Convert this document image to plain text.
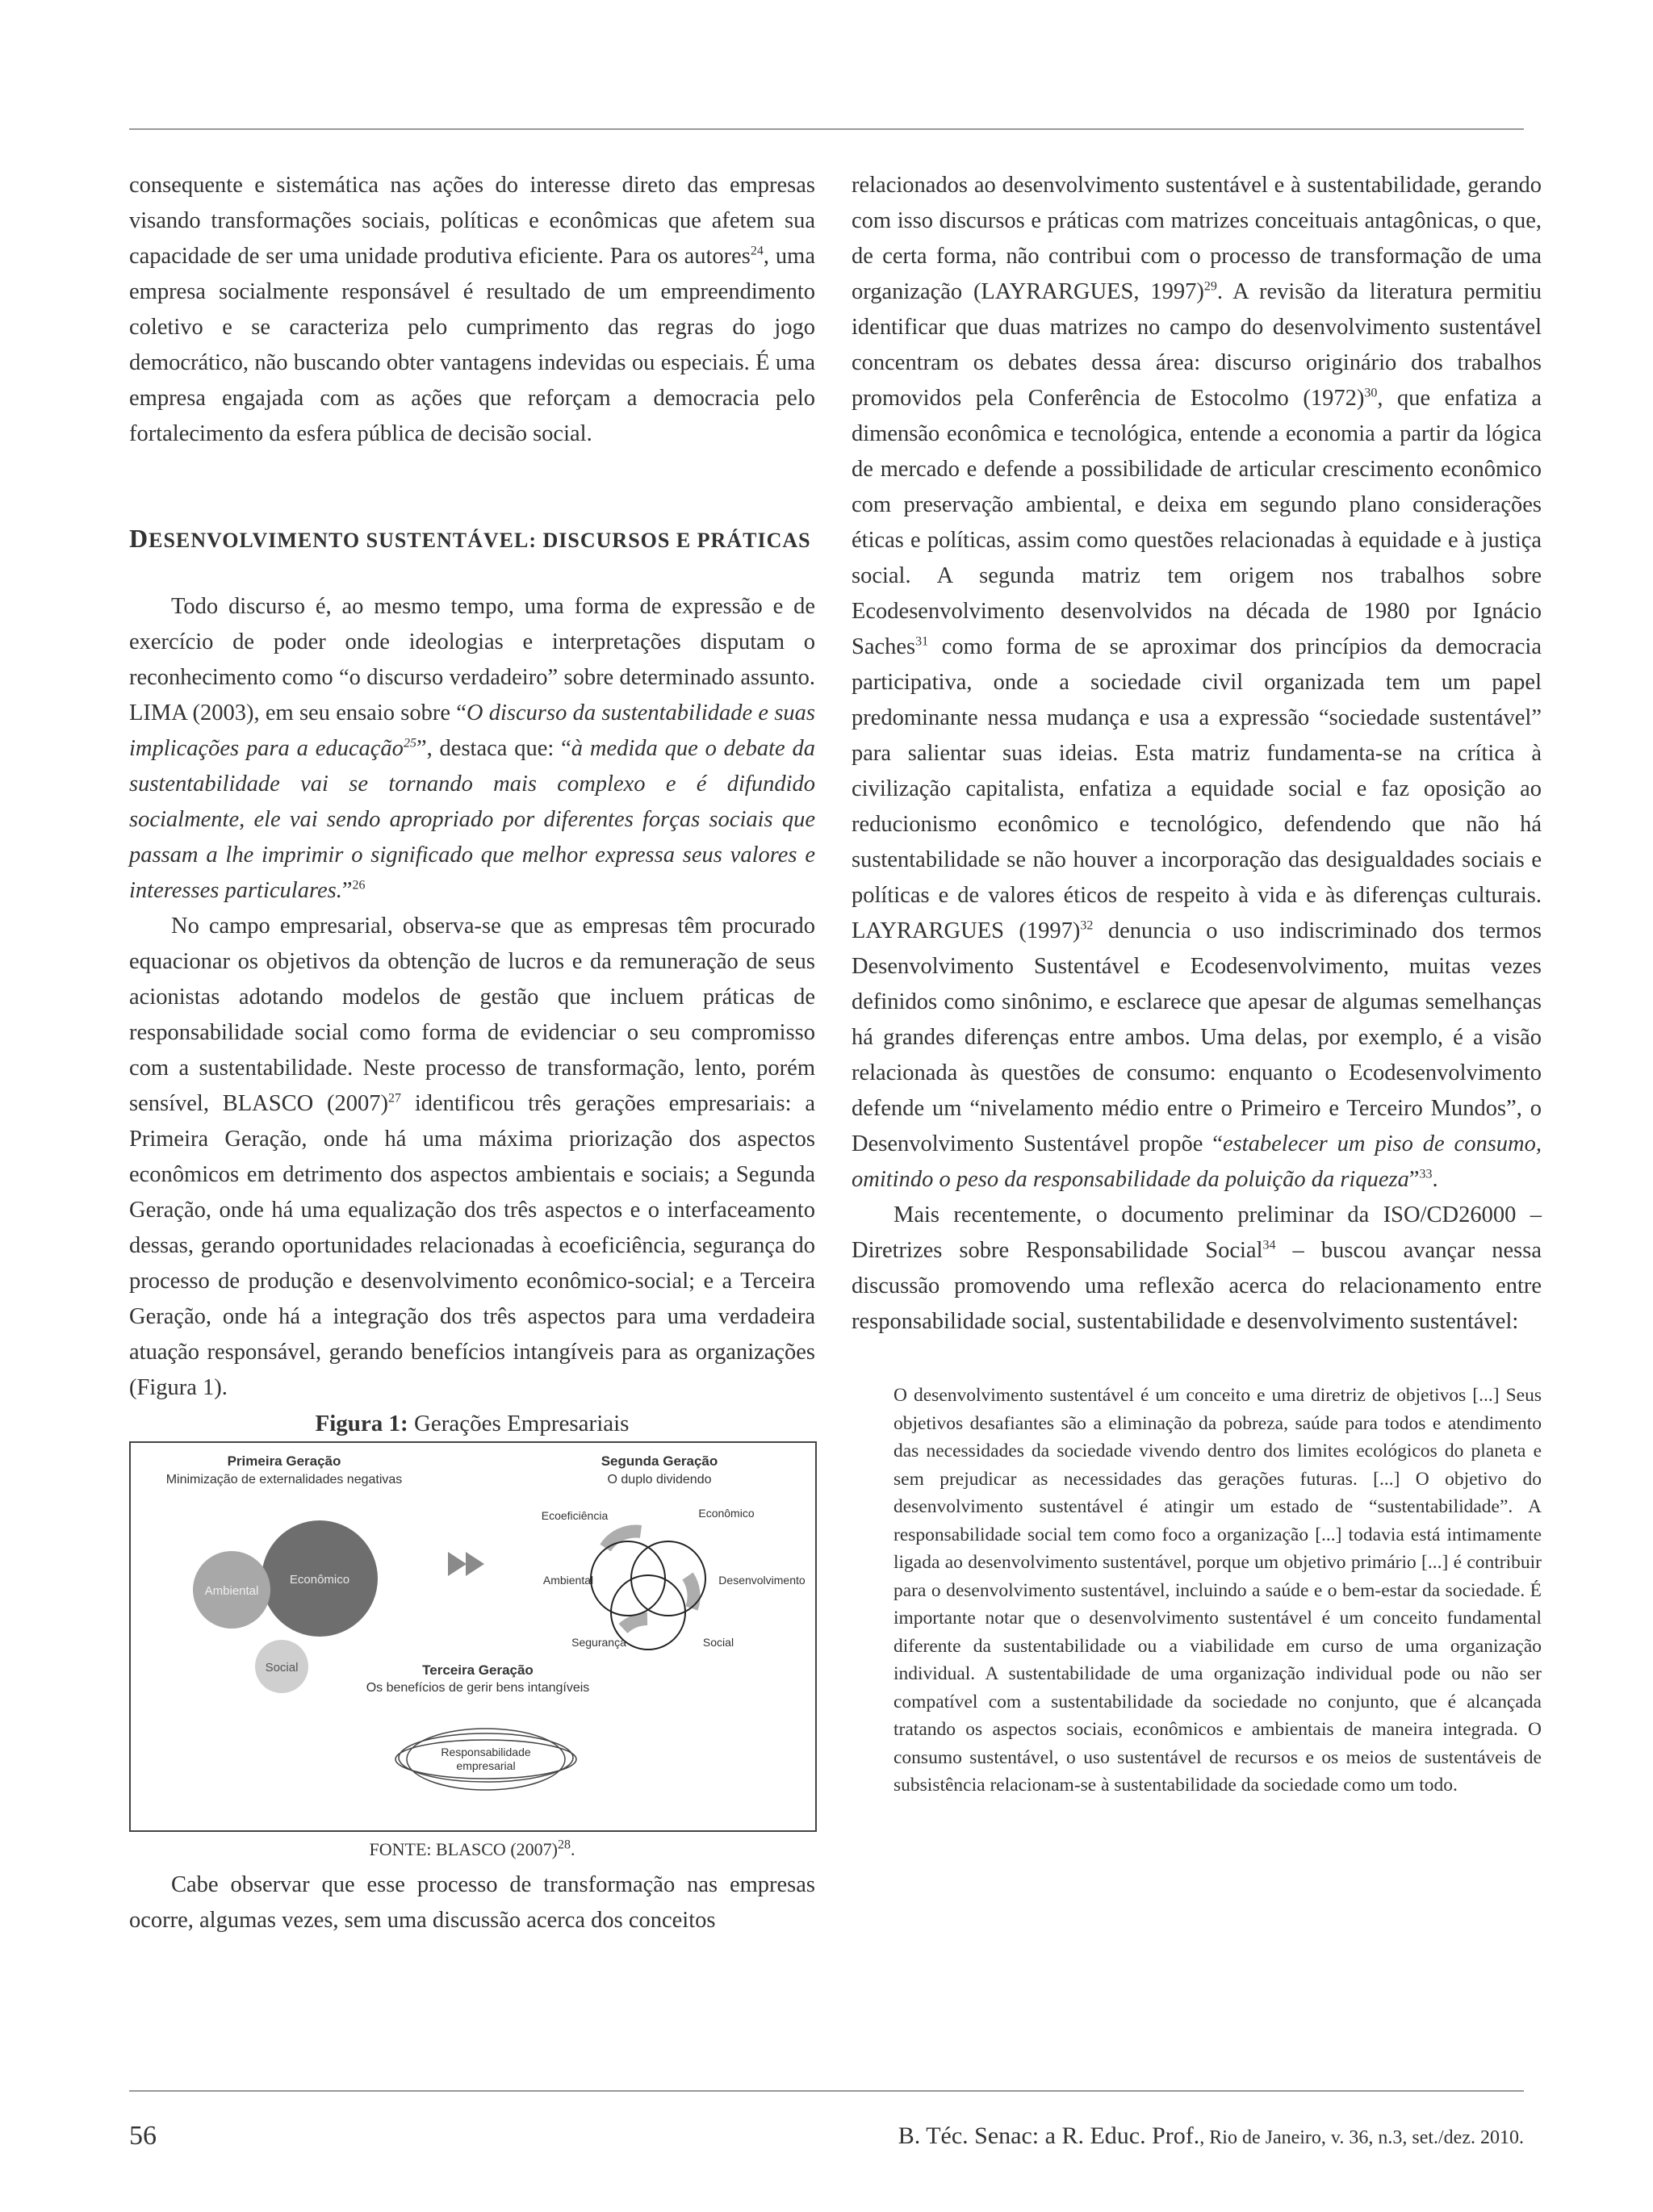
consequente e sistemática nas ações do interesse direto das empresas visando transformações sociais, políticas e econômicas que afetem sua capacidade de ser uma unidade produtiva eficiente. Para os autores$^{24}$, uma empresa socialmente responsável é resultado de um empreendimento coletivo e se caracteriza pelo cumprimento das regras do jogo democrático, não buscando obter vantagens indevidas ou especiais. É uma empresa engajada com as ações que reforçam a democracia pelo fortalecimento da esfera pública de decisão social.

DESENVOLVIMENTO SUSTENTÁVEL: DISCURSOS E PRÁTICAS

Todo discurso é, ao mesmo tempo, uma forma de expressão e de exercício de poder onde ideologias e interpretações disputam o reconhecimento como “o discurso verdadeiro” sobre determinado assunto. LIMA (2003), em seu ensaio sobre “O discurso da sustentabilidade e suas implicações para a educação$^{25}$”, destaca que: “à medida que o debate da sustentabilidade vai se tornando mais complexo e é difundido socialmente, ele vai sendo apropriado por diferentes forças sociais que passam a lhe imprimir o significado que melhor expressa seus valores e interesses particulares.”$^{26}$

No campo empresarial, observa-se que as empresas têm procurado equacionar os objetivos da obtenção de lucros e da remuneração de seus acionistas adotando modelos de gestão que incluem práticas de responsabilidade social como forma de evidenciar o seu compromisso com a sustentabilidade. Neste processo de transformação, lento, porém sensível, BLASCO $(2007)^{27}$ identificou três gerações empresariais: a Primeira Geração, onde há uma máxima priorização dos aspectos econômicos em detrimento dos aspectos ambientais e sociais; a Segunda Geração, onde há uma equalização dos três aspectos e o interfaceamento dessas, gerando oportunidades relacionadas à ecoeficiência, segurança do processo de produção e desenvolvimento econômico-social; e a Terceira Geração, onde há a integração dos três aspectos para uma verdadeira atuação responsável, gerando benefícios intangíveis para as organizações (Figura 1).

Figura 1: Gerações Empresariais

Primeira Geração
Minimização de externalidades negativas
Econômico
Ambiental
Social
Segunda Geração
O duplo dividendo
Ecoeficiência	Econômico
Ambiental	Desenvolvimento
Segurança	Social
Terceira Geração
Os benefícios de gerir bens intangíveis
Responsabilidade
empresarial

FONTE: BLASCO $(2007)^{28}$.

Cabe observar que esse processo de transformação nas empresas ocorre, algumas vezes, sem uma discussão acerca dos conceitos

relacionados ao desenvolvimento sustentável e à sustentabilidade, gerando com isso discursos e práticas com matrizes conceituais antagônicas, o que, de certa forma, não contribui com o processo de transformação de uma organização (LAYRARGUES, 1997)$^{29}$. A revisão da literatura permitiu identificar que duas matrizes no campo do desenvolvimento sustentável concentram os debates dessa área: discurso originário dos trabalhos promovidos pela Conferência de Estocolmo $(1972)^{30}$, que enfatiza a dimensão econômica e tecnológica, entende a economia a partir da lógica de mercado e defende a possibilidade de articular crescimento econômico com preservação ambiental, e deixa em segundo plano considerações éticas e políticas, assim como questões relacionadas à equidade e à justiça social. A segunda matriz tem origem nos trabalhos sobre Ecodesenvolvimento desenvolvidos na década de 1980 por Ignácio Saches$^{31}$ como forma de se aproximar dos princípios da democracia participativa, onde a sociedade civil organizada tem um papel predominante nessa mudança e usa a expressão “sociedade sustentável” para salientar suas ideias. Esta matriz fundamenta-se na crítica à civilização capitalista, enfatiza a equidade social e faz oposição ao reducionismo econômico e tecnológico, defendendo que não há sustentabilidade se não houver a incorporação das desigualdades sociais e políticas e de valores éticos de respeito à vida e às diferenças culturais. LAYRARGUES $(1997)^{32}$ denuncia o uso indiscriminado dos termos Desenvolvimento Sustentável e Ecodesenvolvimento, muitas vezes definidos como sinônimo, e esclarece que apesar de algumas semelhanças há grandes diferenças entre ambos. Uma delas, por exemplo, é a visão relacionada às questões de consumo: enquanto o Ecodesenvolvimento defende um “nivelamento médio entre o Primeiro e Terceiro Mundos”, o Desenvolvimento Sustentável propõe “estabelecer um piso de consumo, omitindo o peso da responsabilidade da poluição da riqueza”$^{33}$.

Mais recentemente, o documento preliminar da ISO/CD26000 – Diretrizes sobre Responsabilidade Social$^{34}$ – buscou avançar nessa discussão promovendo uma reflexão acerca do relacionamento entre responsabilidade social, sustentabilidade e desenvolvimento sustentável:

O desenvolvimento sustentável é um conceito e uma diretriz de objetivos [...] Seus objetivos desafiantes são a eliminação da pobreza, saúde para todos e atendimento das necessidades da sociedade vivendo dentro dos limites ecológicos do planeta e sem prejudicar as necessidades das gerações futuras. [...] O objetivo do desenvolvimento sustentável é atingir um estado de “sustentabilidade”. A responsabilidade social tem como foco a organização [...] todavia está intimamente ligada ao desenvolvimento sustentável, porque um objetivo primário [...] é contribuir para o desenvolvimento sustentável, incluindo a saúde e o bem-estar da sociedade. É importante notar que o desenvolvimento sustentável é um conceito fundamental diferente da sustentabilidade ou a viabilidade em curso de uma organização individual. A sustentabilidade de uma organização individual pode ou não ser compatível com a sustentabilidade da sociedade no conjunto, que é alcançada tratando os aspectos sociais, econômicos e ambientais de maneira integrada. O consumo sustentável, o uso sustentável de recursos e os meios de sustentáveis de subsistência relacionam-se à sustentabilidade da sociedade como um todo.

56	B. Téc. Senac: a R. Educ. Prof., Rio de Janeiro, v. 36, n.3, set./dez. 2010.
